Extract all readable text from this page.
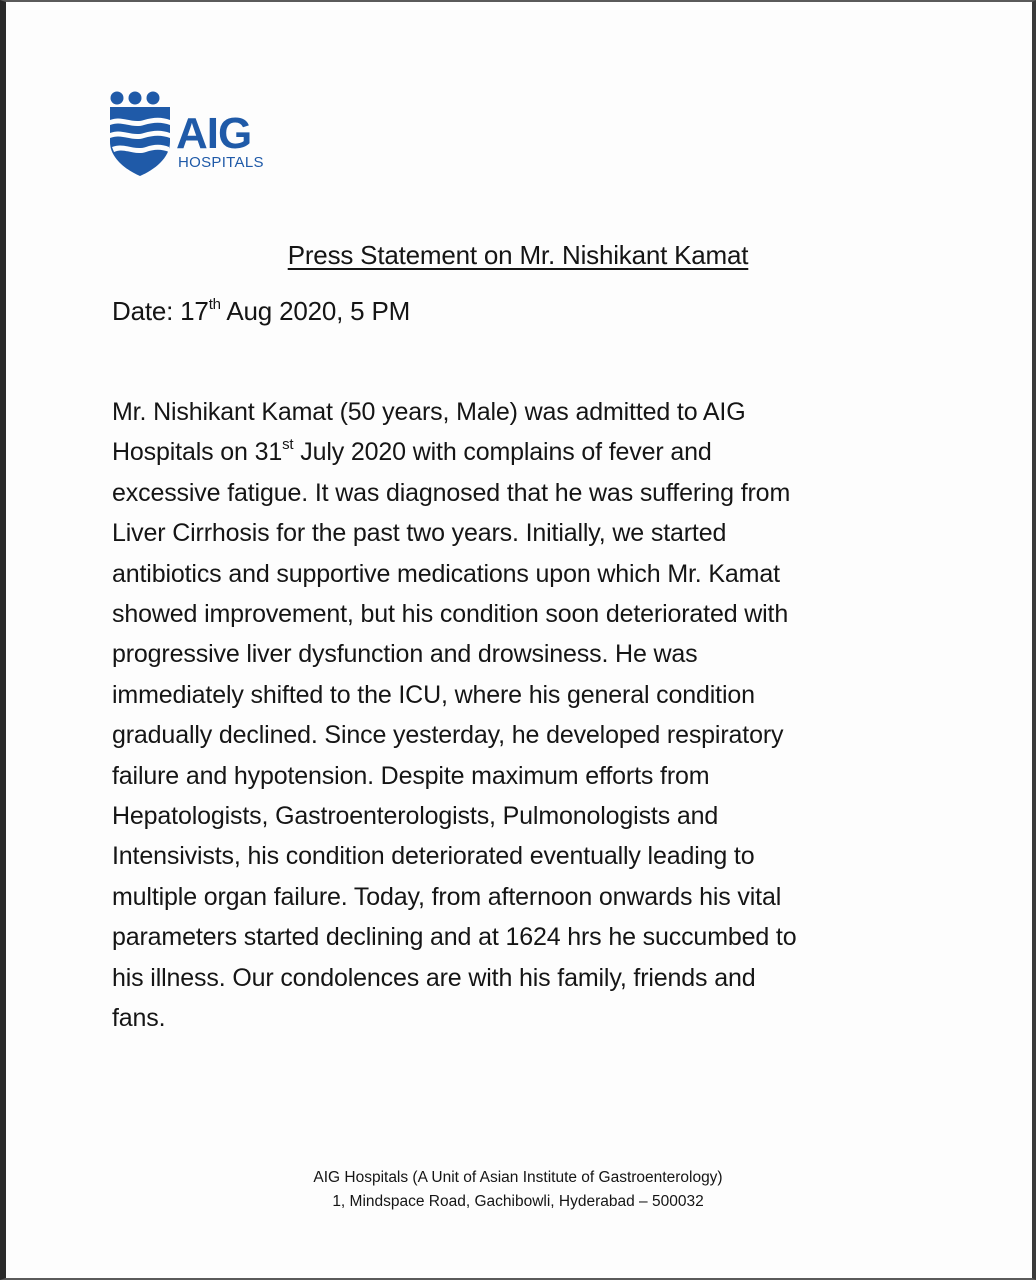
AIG
HOSPITALS
Press Statement on Mr. Nishikant Kamat
Date: 17th Aug 2020, 5 PM
Mr. Nishikant Kamat (50 years, Male) was admitted to AIG
Hospitals on 31st July 2020 with complains of fever and
excessive fatigue. It was diagnosed that he was suffering from
Liver Cirrhosis for the past two years. Initially, we started
antibiotics and supportive medications upon which Mr. Kamat
showed improvement, but his condition soon deteriorated with
progressive liver dysfunction and drowsiness. He was
immediately shifted to the ICU, where his general condition
gradually declined. Since yesterday, he developed respiratory
failure and hypotension. Despite maximum efforts from
Hepatologists, Gastroenterologists, Pulmonologists and
Intensivists, his condition deteriorated eventually leading to
multiple organ failure. Today, from afternoon onwards his vital
parameters started declining and at 1624 hrs he succumbed to
his illness. Our condolences are with his family, friends and
fans.
AIG Hospitals (A Unit of Asian Institute of Gastroenterology)
1, Mindspace Road, Gachibowli, Hyderabad – 500032
